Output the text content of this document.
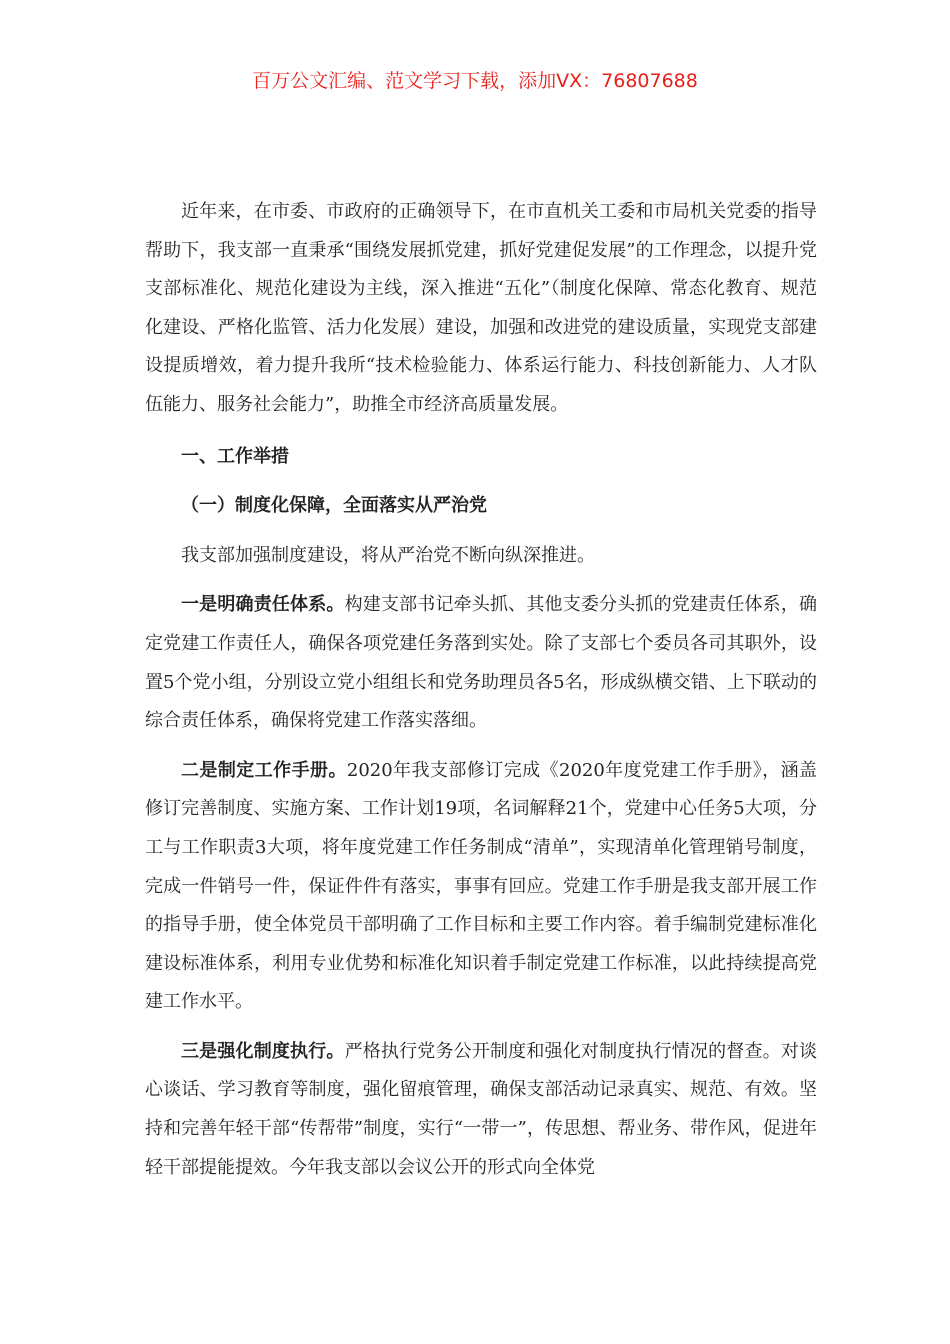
百万公文汇编、范文学习下载，添加VX：76807688

近年来，在市委、市政府的正确领导下，在市直机关工委和市局机关党委的指导帮助下，我支部一直秉承“围绕发展抓党建，抓好党建促发展”的工作理念，以提升党支部标准化、规范化建设为主线，深入推进“五化”（制度化保障、常态化教育、规范化建设、严格化监管、活力化发展）建设，加强和改进党的建设质量，实现党支部建设提质增效，着力提升我所“技术检验能力、体系运行能力、科技创新能力、人才队伍能力、服务社会能力”，助推全市经济高质量发展。

一、工作举措

（一）制度化保障，全面落实从严治党

我支部加强制度建设，将从严治党不断向纵深推进。

一是明确责任体系。构建支部书记牵头抓、其他支委分头抓的党建责任体系，确定党建工作责任人，确保各项党建任务落到实处。除了支部七个委员各司其职外，设置5个党小组，分别设立党小组组长和党务助理员各5名，形成纵横交错、上下联动的综合责任体系，确保将党建工作落实落细。

二是制定工作手册。2020年我支部修订完成《2020年度党建工作手册》，涵盖修订完善制度、实施方案、工作计划19项，名词解释21个，党建中心任务5大项，分工与工作职责3大项，将年度党建工作任务制成“清单”，实现清单化管理销号制度，完成一件销号一件，保证件件有落实，事事有回应。党建工作手册是我支部开展工作的指导手册，使全体党员干部明确了工作目标和主要工作内容。着手编制党建标准化建设标准体系，利用专业优势和标准化知识着手制定党建工作标准，以此持续提高党建工作水平。

三是强化制度执行。严格执行党务公开制度和强化对制度执行情况的督查。对谈心谈话、学习教育等制度，强化留痕管理，确保支部活动记录真实、规范、有效。坚持和完善年轻干部“传帮带”制度，实行“一带一”，传思想、帮业务、带作风，促进年轻干部提能提效。今年我支部以会议公开的形式向全体党
